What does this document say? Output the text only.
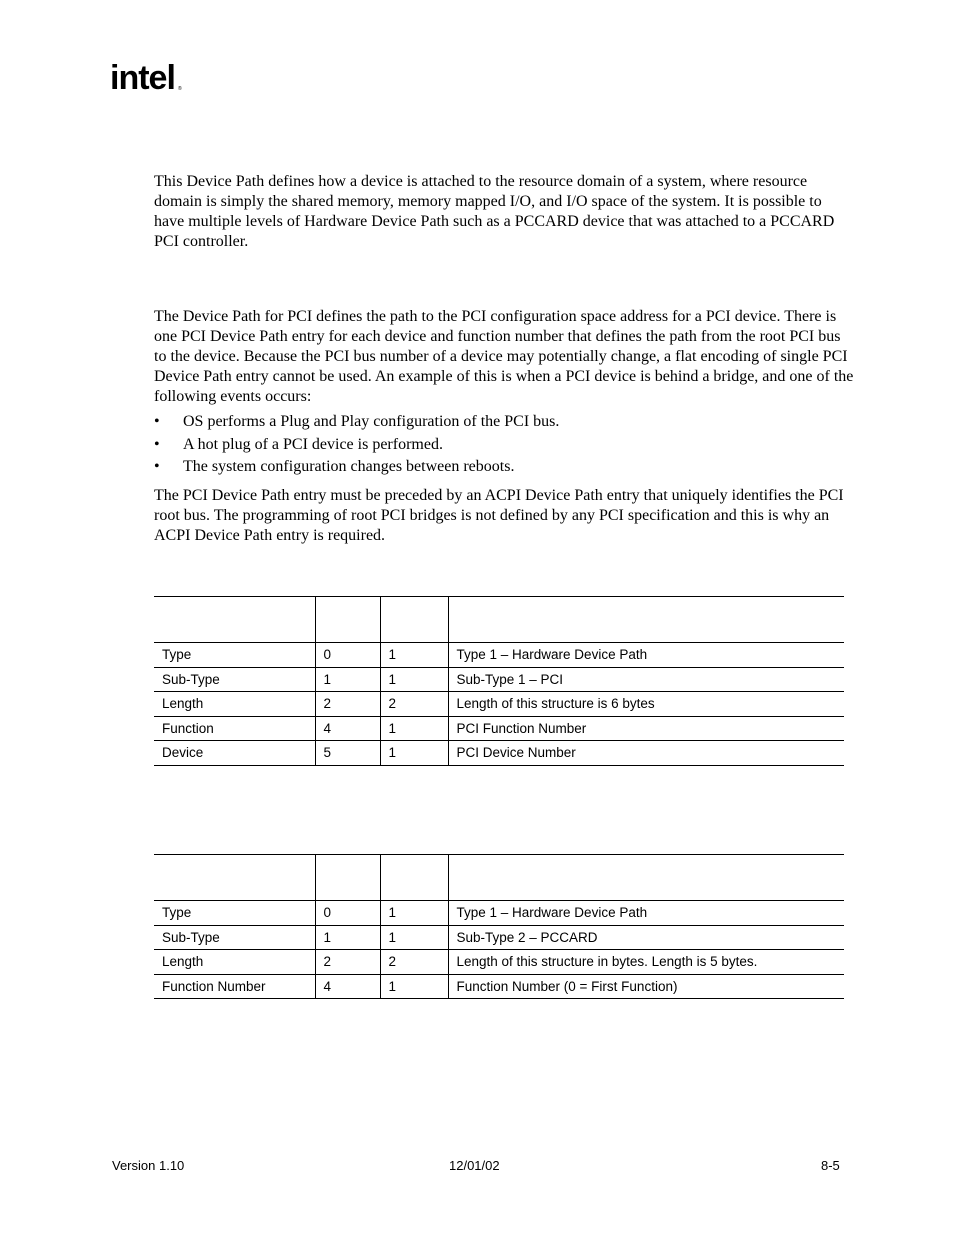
intel ®

This Device Path defines how a device is attached to the resource domain of a system, where resource domain is simply the shared memory, memory mapped I/O, and I/O space of the system. It is possible to have multiple levels of Hardware Device Path such as a PCCARD device that was attached to a PCCARD PCI controller.

The Device Path for PCI defines the path to the PCI configuration space address for a PCI device. There is one PCI Device Path entry for each device and function number that defines the path from the root PCI bus to the device. Because the PCI bus number of a device may potentially change, a flat encoding of single PCI Device Path entry cannot be used. An example of this is when a PCI device is behind a bridge, and one of the following events occurs:

• OS performs a Plug and Play configuration of the PCI bus.
• A hot plug of a PCI device is performed.
• The system configuration changes between reboots.

The PCI Device Path entry must be preceded by an ACPI Device Path entry that uniquely identifies the PCI root bus. The programming of root PCI bridges is not defined by any PCI specification and this is why an ACPI Device Path entry is required.

Type	0	1	Type 1 – Hardware Device Path
Sub-Type	1	1	Sub-Type 1 – PCI
Length	2	2	Length of this structure is 6 bytes
Function	4	1	PCI Function Number
Device	5	1	PCI Device Number

Type	0	1	Type 1 – Hardware Device Path
Sub-Type	1	1	Sub-Type 2 – PCCARD
Length	2	2	Length of this structure in bytes. Length is 5 bytes.
Function Number	4	1	Function Number (0 = First Function)
Version 1.10	12/01/02	8-5
